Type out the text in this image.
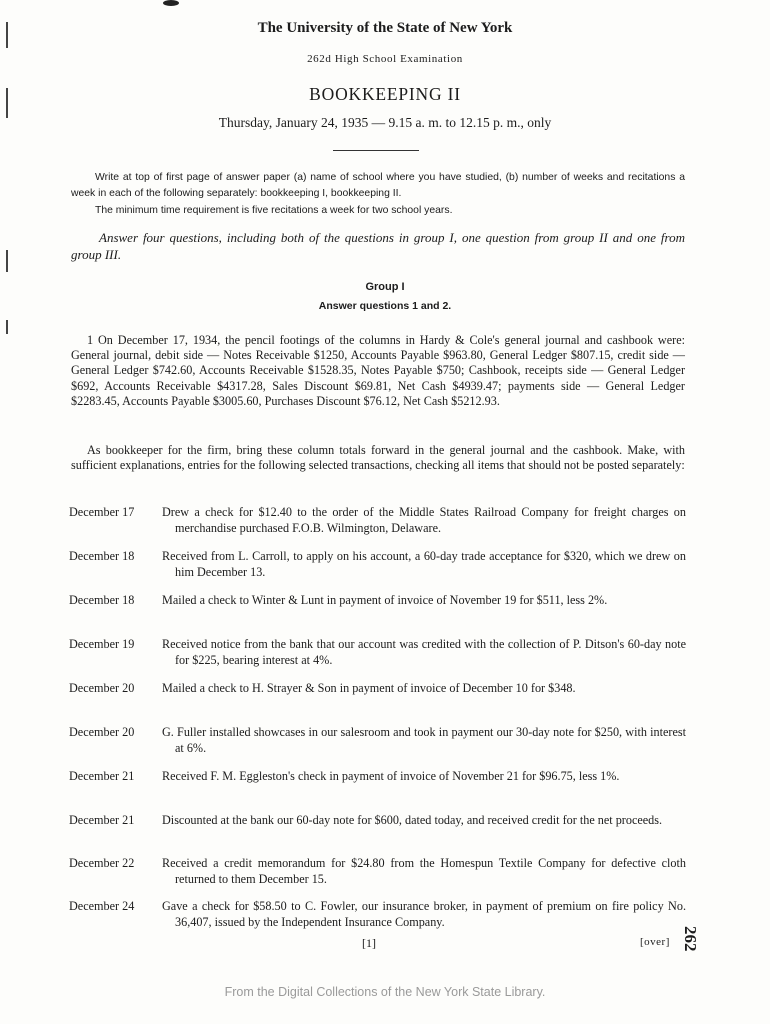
The University of the State of New York
262d High School Examination
BOOKKEEPING II
Thursday, January 24, 1935 — 9.15 a. m. to 12.15 p. m., only
Write at top of first page of answer paper (a) name of school where you have studied, (b) number of weeks and recitations a week in each of the following separately: bookkeeping I, bookkeeping II.
The minimum time requirement is five recitations a week for two school years.
Answer four questions, including both of the questions in group I, one question from group II and one from group III.
Group I
Answer questions 1 and 2.
1 On December 17, 1934, the pencil footings of the columns in Hardy & Cole's general journal and cashbook were: General journal, debit side — Notes Receivable $1250, Accounts Payable $963.80, General Ledger $807.15, credit side — General Ledger $742.60, Accounts Receivable $1528.35, Notes Payable $750; Cashbook, receipts side — General Ledger $692, Accounts Receivable $4317.28, Sales Discount $69.81, Net Cash $4939.47; payments side — General Ledger $2283.45, Accounts Payable $3005.60, Purchases Discount $76.12, Net Cash $5212.93.
As bookkeeper for the firm, bring these column totals forward in the general journal and the cashbook. Make, with sufficient explanations, entries for the following selected transactions, checking all items that should not be posted separately:
December 17	Drew a check for $12.40 to the order of the Middle States Railroad Company for freight charges on merchandise purchased F.O.B. Wilmington, Delaware.
December 18	Received from L. Carroll, to apply on his account, a 60-day trade acceptance for $320, which we drew on him December 13.
December 18	Mailed a check to Winter & Lunt in payment of invoice of November 19 for $511, less 2%.
December 19	Received notice from the bank that our account was credited with the collection of P. Ditson's 60-day note for $225, bearing interest at 4%.
December 20	Mailed a check to H. Strayer & Son in payment of invoice of December 10 for $348.
December 20	G. Fuller installed showcases in our salesroom and took in payment our 30-day note for $250, with interest at 6%.
December 21	Received F. M. Eggleston's check in payment of invoice of November 21 for $96.75, less 1%.
December 21	Discounted at the bank our 60-day note for $600, dated today, and received credit for the net proceeds.
December 22	Received a credit memorandum for $24.80 from the Homespun Textile Company for defective cloth returned to them December 15.
December 24	Gave a check for $58.50 to C. Fowler, our insurance broker, in payment of premium on fire policy No. 36,407, issued by the Independent Insurance Company.
[1]	[over] 262
From the Digital Collections of the New York State Library.
